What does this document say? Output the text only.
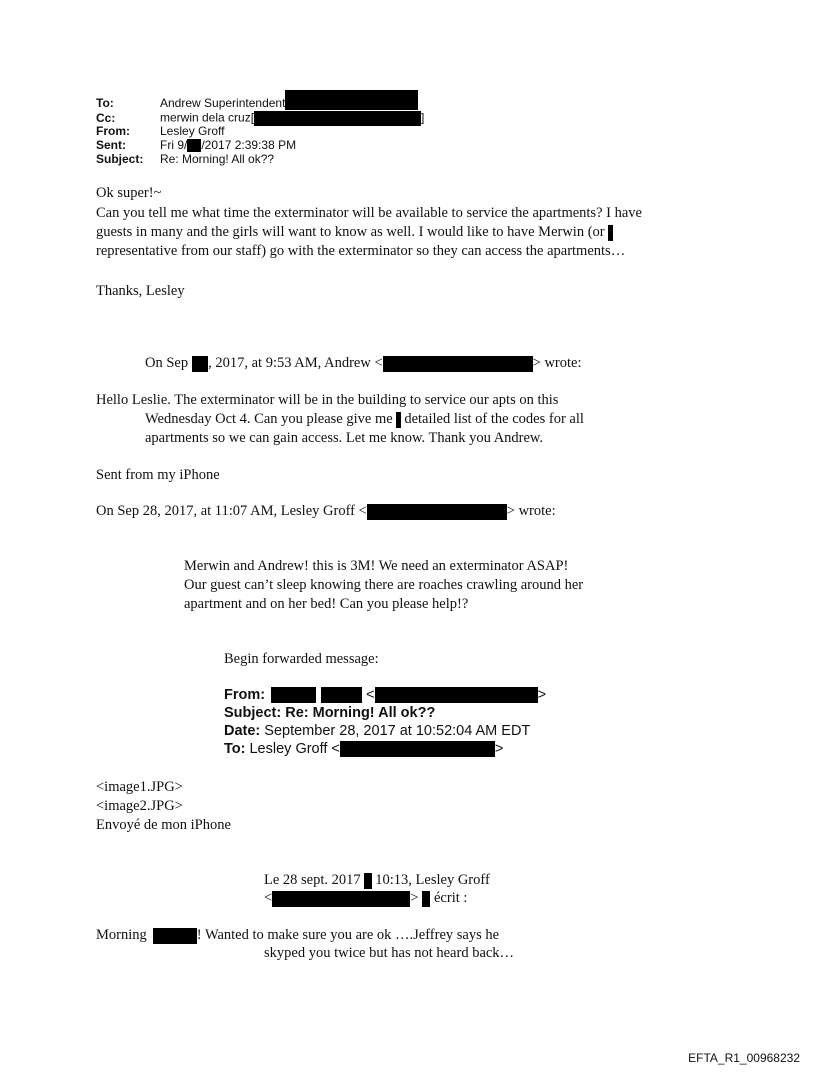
To:	Andrew Superintendent
Cc:	merwin dela cruz[	]
From:	Lesley Groff
Sent:	Fri 9/ /2017 2:39:38 PM
Subject: Re: Morning! All ok??
Ok super!~
Can you tell me what time the exterminator will be available to service the apartments? I have
guests in many and the girls will want to know as well. I would like to have Merwin (or
representative from our staff) go with the exterminator so they can access the apartments…
Thanks, Lesley
On Sep , 2017, at 9:53 AM, Andrew <	> wrote:
Hello Leslie. The exterminator will be in the building to service our apts on this
Wednesday Oct 4. Can you please give me detailed list of the codes for all
apartments so we can gain access. Let me know. Thank you Andrew.
Sent from my iPhone
On Sep 28, 2017, at 11:07 AM, Lesley Groff <	> wrote:
Merwin and Andrew! this is 3M! We need an exterminator ASAP!
Our guest can’t sleep knowing there are roaches crawling around her
apartment and on her bed! Can you please help!?
Begin forwarded message:
From:	<	>
Subject: Re: Morning! All ok??
Date: September 28, 2017 at 10:52:04 AM EDT
To: Lesley Groff <	>
<image1.JPG>
<image2.JPG>
Envoyé de mon iPhone
Le 28 sept. 2017 10:13, Lesley Groff
<	> écrit :
Morning	! Wanted to make sure you are ok ….Jeffrey says he
skyped you twice but has not heard back…
EFTA_R1_00968232
